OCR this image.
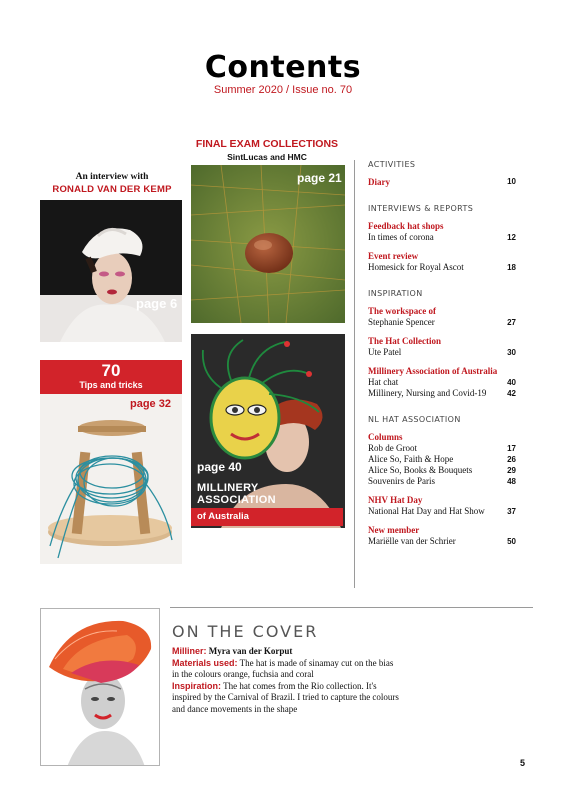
Contents
Summer 2020 / Issue no. 70
An interview with
RONALD VAN DER KEMP
page 6
70
Tips and tricks
page 32
FINAL EXAM COLLECTIONS
SintLucas and HMC
page 21
page 40
MILLINERY
ASSOCIATION
of Australia
ACTIVITIES
Diary	10
INTERVIEWS & REPORTS
Feedback hat shops
In times of corona	12
Event review
Homesick for Royal Ascot	18
INSPIRATION
The workspace of
Stephanie Spencer	27
The Hat Collection
Ute Patel	30
Millinery Association of Australia
Hat chat	40
Millinery, Nursing and Covid-19	42
NL HAT ASSOCIATION
Columns
Rob de Groot	17
Alice So, Faith & Hope	26
Alice So, Books & Bouquets	29
Souvenirs de Paris	48
NHV Hat Day
National Hat Day and Hat Show	37
New member
Mariëlle van der Schrier	50
ON THE COVER
Milliner: Myra van der Korput
Materials used: The hat is made of sinamay cut on the bias in the colours orange, fuchsia and coral
Inspiration: The hat comes from the Rio collection. It's inspired by the Carnival of Brazil. I tried to capture the colours and dance movements in the shape
5
